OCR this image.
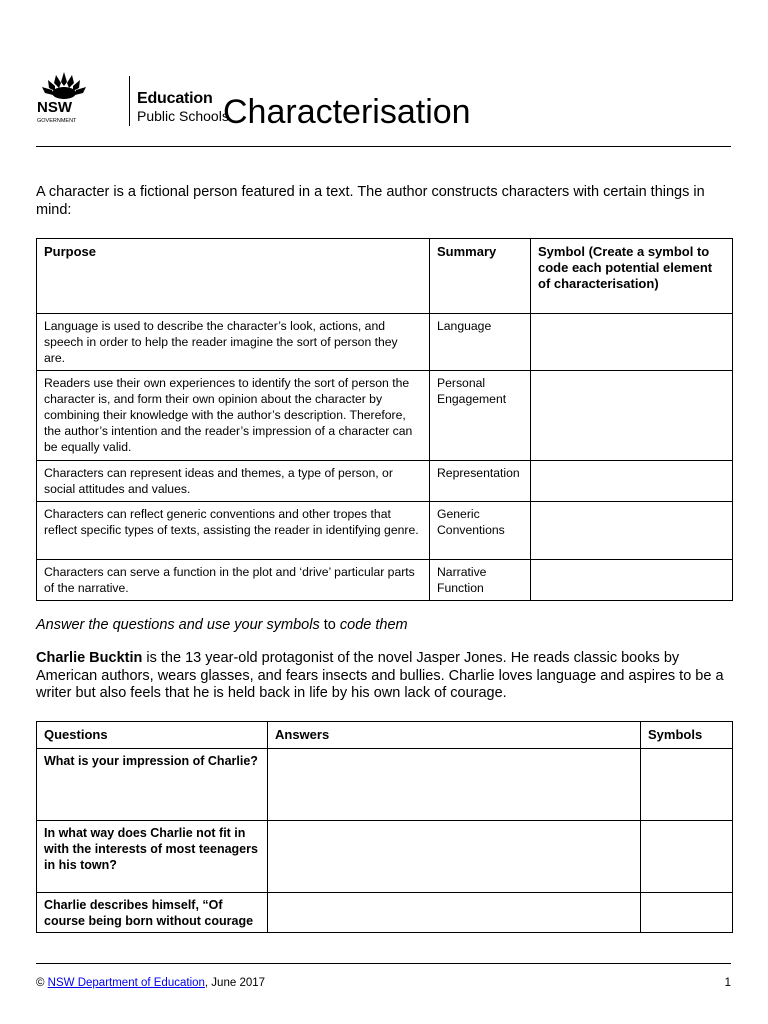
NSW
GOVERNMENT
Education
Public Schools
Characterisation
A character is a fictional person featured in a text. The author constructs characters with certain things in mind:
Purpose	Summary	Symbol (Create a symbol to code each potential element of characterisation)
Language is used to describe the character’s look, actions, and speech in order to help the reader imagine the sort of person they are.	Language	
Readers use their own experiences to identify the sort of person the character is, and form their own opinion about the character by combining their knowledge with the author’s description. Therefore, the author’s intention and the reader’s impression of a character can be equally valid.	Personal Engagement	
Characters can represent ideas and themes, a type of person, or social attitudes and values.	Representation	
Characters can reflect generic conventions and other tropes that reflect specific types of texts, assisting the reader in identifying genre.	Generic Conventions	
Characters can serve a function in the plot and ‘drive’ particular parts of the narrative.	Narrative Function	
Answer the questions and use your symbols to code them
Charlie Bucktin is the 13 year-old protagonist of the novel Jasper Jones. He reads classic books by American authors, wears glasses, and fears insects and bullies. Charlie loves language and aspires to be a writer but also feels that he is held back in life by his own lack of courage.
Questions	Answers	Symbols
What is your impression of Charlie?		
In what way does Charlie not fit in with the interests of most teenagers in his town?		
Charlie describes himself, “Of course being born without courage		
© NSW Department of Education, June 2017	1
